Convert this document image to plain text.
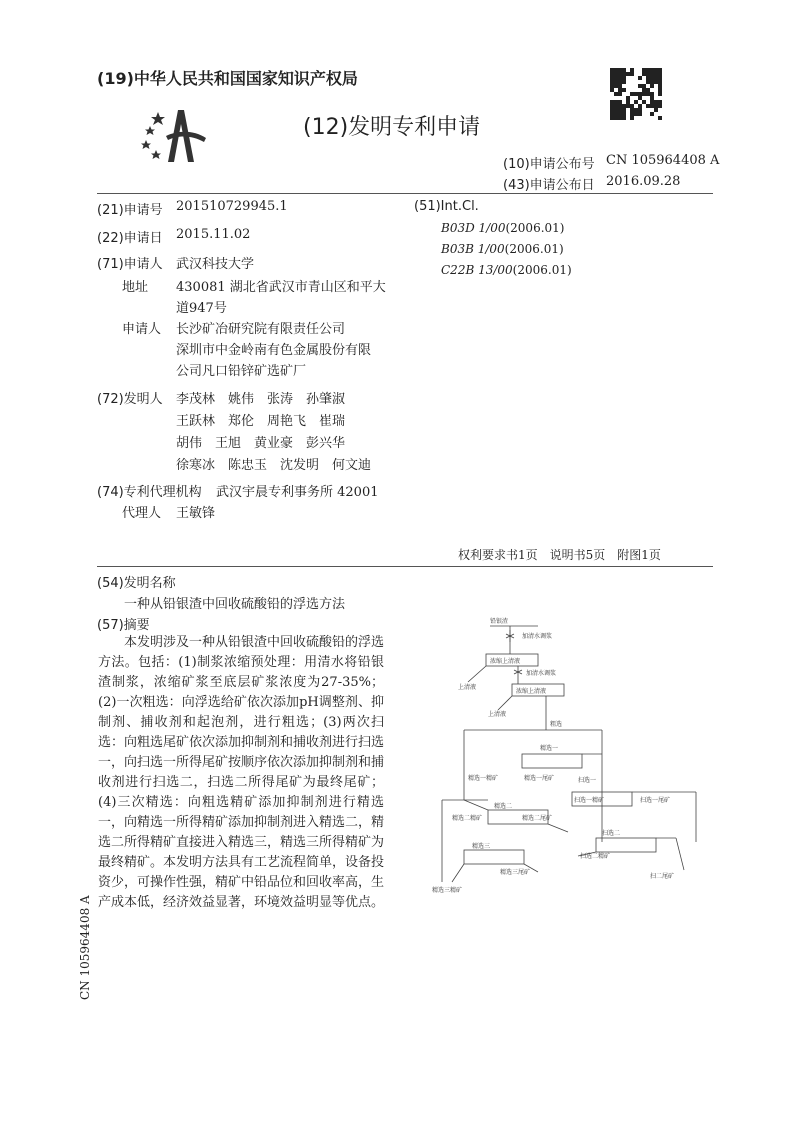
(19)中华人民共和国国家知识产权局
(12)发明专利申请
(10)申请公布号 CN 105964408 A
(43)申请公布日 2016.09.28
(21)申请号 201510729945.1
(22)申请日 2015.11.02
(71)申请人 武汉科技大学
地址 430081 湖北省武汉市青山区和平大
道947号
申请人 长沙矿冶研究院有限责任公司
深圳市中金岭南有色金属股份有限
公司凡口铅锌矿选矿厂
(72)发明人 李茂林　姚伟　张涛　孙肇淑
王跃林　郑伦　周艳飞　崔瑞
胡伟　王旭　黄业豪　彭兴华
徐寒冰　陈忠玉　沈发明　何文迪
(74)专利代理机构 武汉宇晨专利事务所 42001
代理人 王敏锋
(51)Int.Cl.
B03D 1/00(2006.01)
B03B 1/00(2006.01)
C22B 13/00(2006.01)
权利要求书1页　说明书5页　附图1页
(54)发明名称
一种从铅银渣中回收硫酸铅的浮选方法
(57)摘要
本发明涉及一种从铅银渣中回收硫酸铅的浮选方法。包括：(1)制浆浓缩预处理：用清水将铅银渣制浆，浓缩矿浆至底层矿浆浓度为27-35%；(2)一次粗选：向浮选给矿依次添加pH调整剂、抑制剂、捕收剂和起泡剂，进行粗选；(3)两次扫选：向粗选尾矿依次添加抑制剂和捕收剂进行扫选一，向扫选一所得尾矿按顺序依次添加抑制剂和捕收剂进行扫选二，扫选二所得尾矿为最终尾矿；(4)三次精选：向粗选精矿添加抑制剂进行精选一，向精选一所得精矿添加抑制剂进入精选二，精选二所得精矿直接进入精选三，精选三所得精矿为最终精矿。本发明方法具有工艺流程简单，设备投资少，可操作性强，精矿中铅品位和回收率高，生产成本低，经济效益显著，环境效益明显等优点。
CN 105964408 A
铅银渣
加清水调浆
浓缩上清液
加清水调浆
上清液
浓缩上清液
上清液
粗选
精选一
精选一精矿	精选一尾矿	扫选一
扫选一精矿	扫选一尾矿
精选二
精选二精矿	精选二尾矿
扫选二
扫选二精矿
扫二尾矿
精选三
精选三尾矿
精选三精矿
